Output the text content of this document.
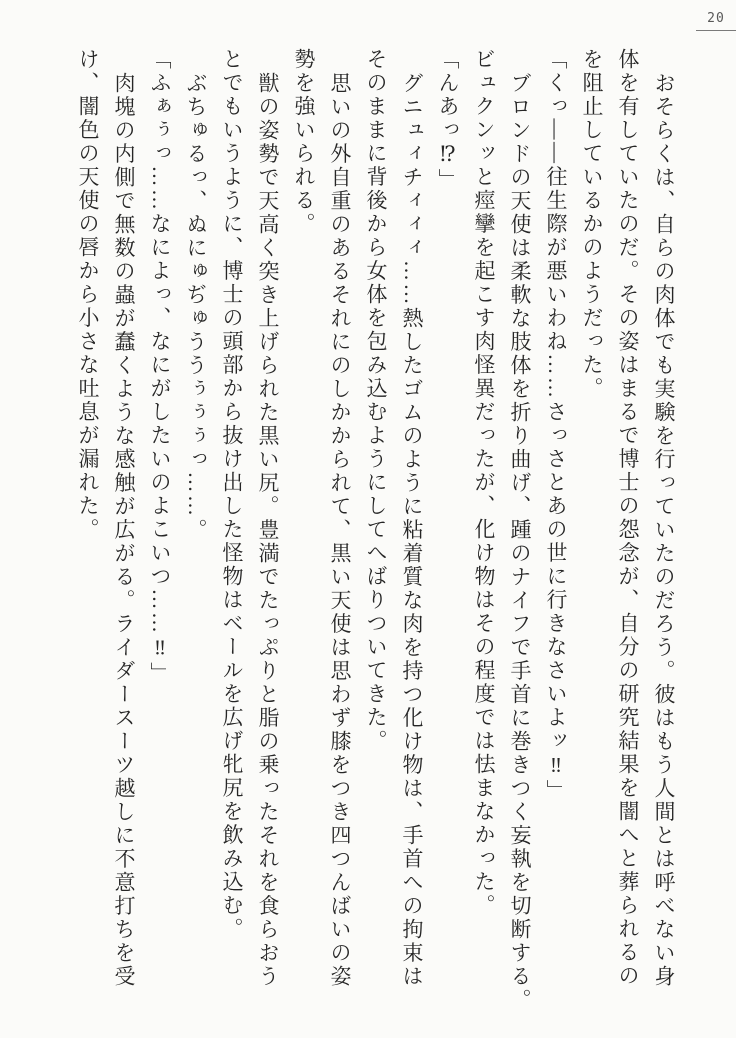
20

おそらくは、自らの肉体でも実験を行っていたのだろう。彼はもう人間とは呼べない身体を有していたのだ。その姿はまるで博士の怨念が、自分の研究結果を闇へと葬られるのを阻止しているかのようだった。

「くっ――往生際が悪いわね……さっさとあの世に行きなさいよッ‼」

ブロンドの天使は柔軟な肢体を折り曲げ、踵のナイフで手首に巻きつく妄執を切断する。

ビュクンッと痙攣を起こす肉怪異だったが、化け物はその程度では怯まなかった。

「んあっ⁉」

グニュィチィィィ……熱したゴムのように粘着質な肉を持つ化け物は、手首への拘束はそのままに背後から女体を包み込むようにしてへばりついてきた。

思いの外自重のあるそれにのしかかられて、黒い天使は思わず膝をつき四つんばいの姿勢を強いられる。

獣の姿勢で天高く突き上げられた黒い尻。豊満でたっぷりと脂の乗ったそれを食らおうとでもいうように、博士の頭部から抜け出した怪物はベールを広げ牝尻を飲み込む。

ぶちゅるっ、ぬにゅぢゅううぅぅぅっ……。

「ふぁぅっ……なによっ、なにがしたいのよこいつ……‼」

肉塊の内側で無数の蟲が蠢くような感触が広がる。ライダースーツ越しに不意打ちを受け、闇色の天使の唇から小さな吐息が漏れた。
